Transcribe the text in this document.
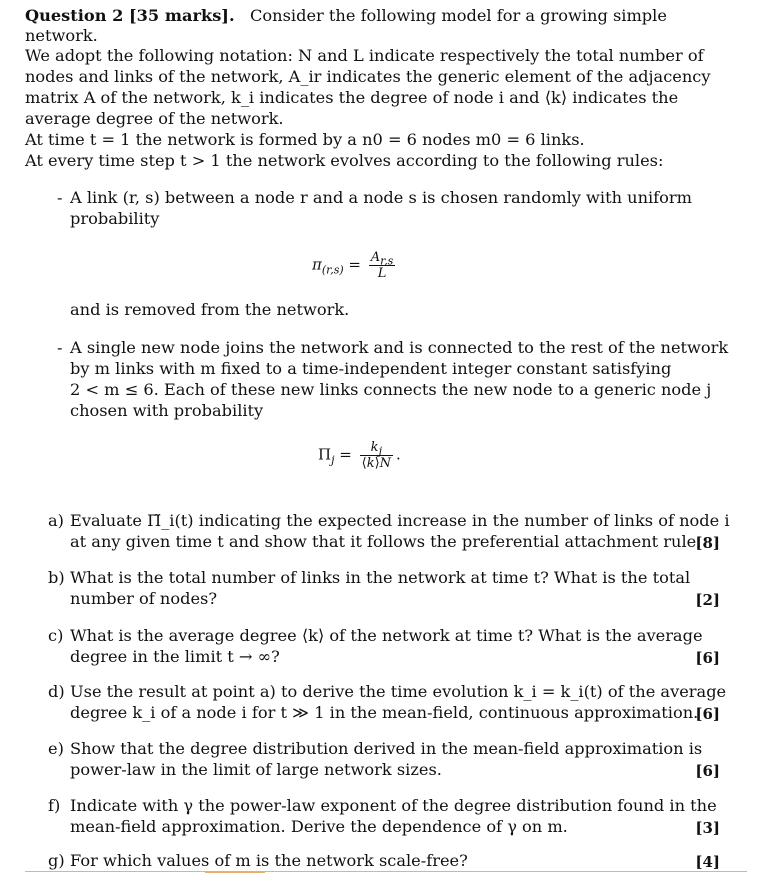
Question 2 [35 marks]. Consider the following model for a growing simple
network.
We adopt the following notation: N and L indicate respectively the total number of
nodes and links of the network, A_ir indicates the generic element of the adjacency
matrix A of the network, k_i indicates the degree of node i and ⟨k⟩ indicates the
average degree of the network.
At time t = 1 the network is formed by a n0 = 6 nodes m0 = 6 links.
At every time step t > 1 the network evolves according to the following rules:
- A link (r, s) between a node r and a node s is chosen randomly with uniform
probability
$\pi_{(r,s)} = \frac{A_{r,s}}{L}$
and is removed from the network.
- A single new node joins the network and is connected to the rest of the network
by m links with m fixed to a time-independent integer constant satisfying
2 < m ≤ 6. Each of these new links connects the new node to a generic node j
chosen with probability
$\Pi_j = \frac{k_j}{⟨k⟩N}$ .
a) Evaluate Π̃_i(t) indicating the expected increase in the number of links of node i
at any given time t and show that it follows the preferential attachment rule.
[8]
b) What is the total number of links in the network at time t? What is the total
number of nodes?	[2]
c) What is the average degree ⟨k⟩ of the network at time t? What is the average
degree in the limit t → ∞?	[6]
d) Use the result at point a) to derive the time evolution k_i = k_i(t) of the average
degree k_i of a node i for t ≫ 1 in the mean-field, continuous approximation.
[6]
e) Show that the degree distribution derived in the mean-field approximation is
power-law in the limit of large network sizes.	[6]
f) Indicate with γ the power-law exponent of the degree distribution found in the
mean-field approximation. Derive the dependence of γ on m.	[3]
g) For which values of m is the network scale-free?	[4]
